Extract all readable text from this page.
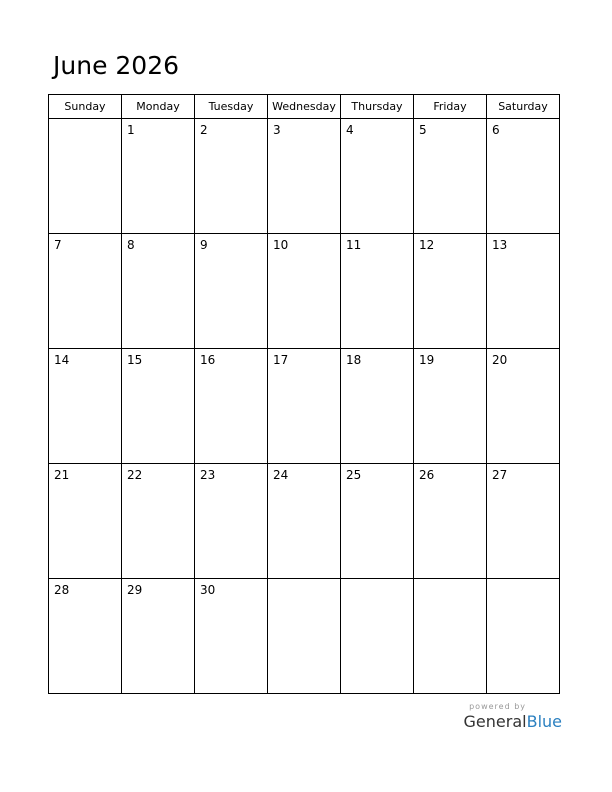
June 2026
Sunday	Monday	Tuesday	Wednesday	Thursday	Friday	Saturday

	1	2	3	4	5	6

7	8	9	10	11	12	13

14	15	16	17	18	19	20

21	22	23	24	25	26	27

28	29	30				

powered by
GeneralBlue
